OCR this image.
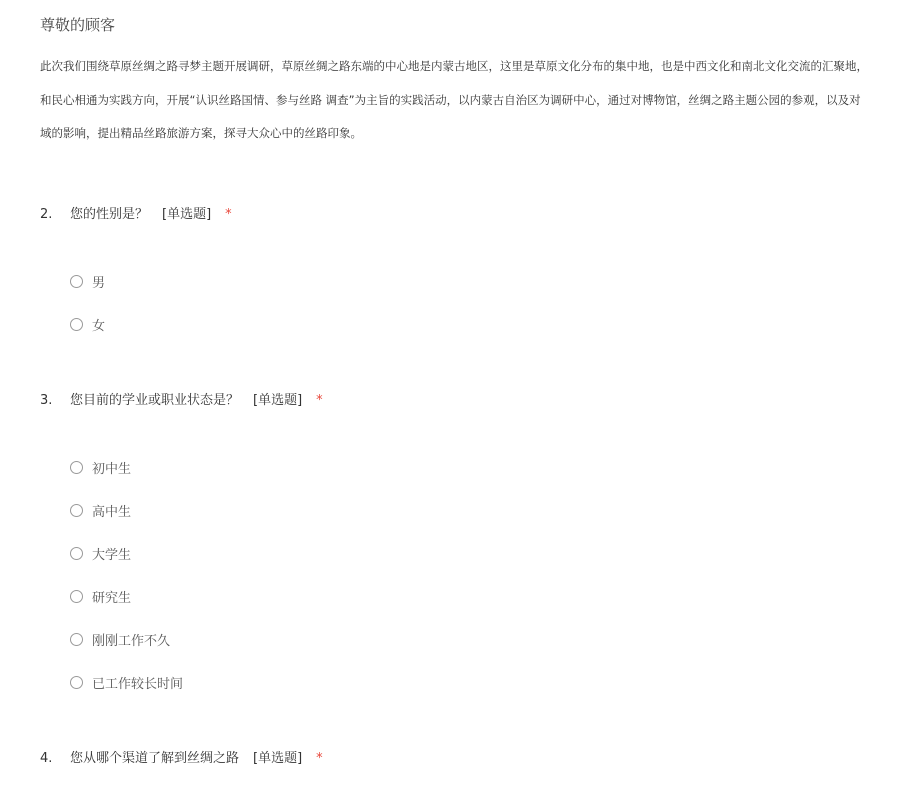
尊敬的顾客
此次我们围绕草原丝绸之路寻梦主题开展调研，草原丝绸之路东端的中心地是内蒙古地区，这里是草原文化分布的集中地，也是中西文化和南北文化交流的汇聚地，
和民心相通为实践方向，开展“认识丝路国情、参与丝路 调查”为主旨的实践活动，以内蒙古自治区为调研中心，通过对博物馆，丝绸之路主题公园的参观，以及对
域的影响，提出精品丝路旅游方案，探寻大众心中的丝路印象。
2. 您的性别是？ [单选题] *
男
女
3. 您目前的学业或职业状态是？ [单选题] *
初中生
高中生
大学生
研究生
刚刚工作不久
已工作较长时间
4. 您从哪个渠道了解到丝绸之路 [单选题] *
